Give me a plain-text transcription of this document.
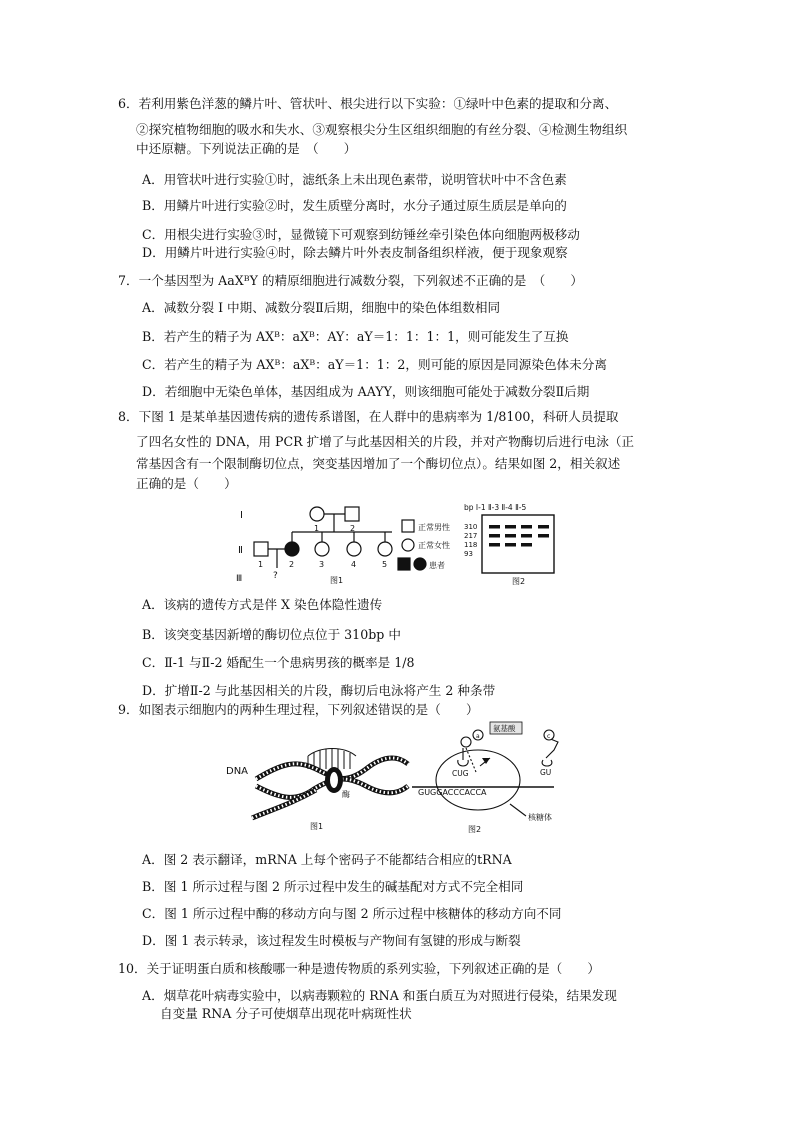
6．若利用紫色洋葱的鳞片叶、管状叶、根尖进行以下实验：①绿叶中色素的提取和分离、
②探究植物细胞的吸水和失水、③观察根尖分生区组织细胞的有丝分裂、④检测生物组织
中还原糖。下列说法正确的是　（　　）
A．用管状叶进行实验①时，滤纸条上未出现色素带，说明管状叶中不含色素
B．用鳞片叶进行实验②时，发生质壁分离时，水分子通过原生质层是单向的
C．用根尖进行实验③时，显微镜下可观察到纺锤丝牵引染色体向细胞两极移动
D．用鳞片叶进行实验④时，除去鳞片叶外表皮制备组织样液，便于现象观察
7．一个基因型为 AaXᴮY 的精原细胞进行减数分裂，下列叙述不正确的是　（　　）
A．减数分裂 I 中期、减数分裂Ⅱ后期，细胞中的染色体组数相同
B．若产生的精子为 AXᴮ：aXᴮ：AY：aY＝1：1：1：1，则可能发生了互换
C．若产生的精子为 AXᴮ：aXᴮ：aY＝1：1：2，则可能的原因是同源染色体未分离
D．若细胞中无染色单体，基因组成为 AAYY，则该细胞可能处于减数分裂Ⅱ后期
8．下图 1 是某单基因遗传病的遗传系谱图，在人群中的患病率为 1/8100，科研人员提取
了四名女性的 DNA，用 PCR 扩增了与此基因相关的片段，并对产物酶切后进行电泳（正
常基因含有一个限制酶切位点，突变基因增加了一个酶切位点）。结果如图 2，相关叙述
正确的是（　　）
Ⅰ
Ⅱ
Ⅲ
1	2
1	2	3	4	5
?	图1
正常男性
正常女性
患者
bp Ⅰ-1 Ⅱ-3 Ⅱ-4 Ⅱ-5
310
217
118
93
图2
A．该病的遗传方式是伴 X 染色体隐性遗传
B．该突变基因新增的酶切位点位于 310bp 中
C．Ⅱ-1 与Ⅱ-2 婚配生一个患病男孩的概率是 1/8
D．扩增Ⅱ-2 与此基因相关的片段，酶切后电泳将产生 2 种条带
9．如图表示细胞内的两种生理过程，下列叙述错误的是（　　）
DNA
酶
图1
氨基酸
a	c
CUG	GU
GUGGACCCACCA
核糖体
图2
A．图 2 表示翻译，mRNA 上每个密码子不能都结合相应的tRNA
B．图 1 所示过程与图 2 所示过程中发生的碱基配对方式不完全相同
C．图 1 所示过程中酶的移动方向与图 2 所示过程中核糖体的移动方向不同
D．图 1 表示转录，该过程发生时模板与产物间有氢键的形成与断裂
10．关于证明蛋白质和核酸哪一种是遗传物质的系列实验，下列叙述正确的是（　　）
A．烟草花叶病毒实验中，以病毒颗粒的 RNA 和蛋白质互为对照进行侵染，结果发现
自变量 RNA 分子可使烟草出现花叶病斑性状
